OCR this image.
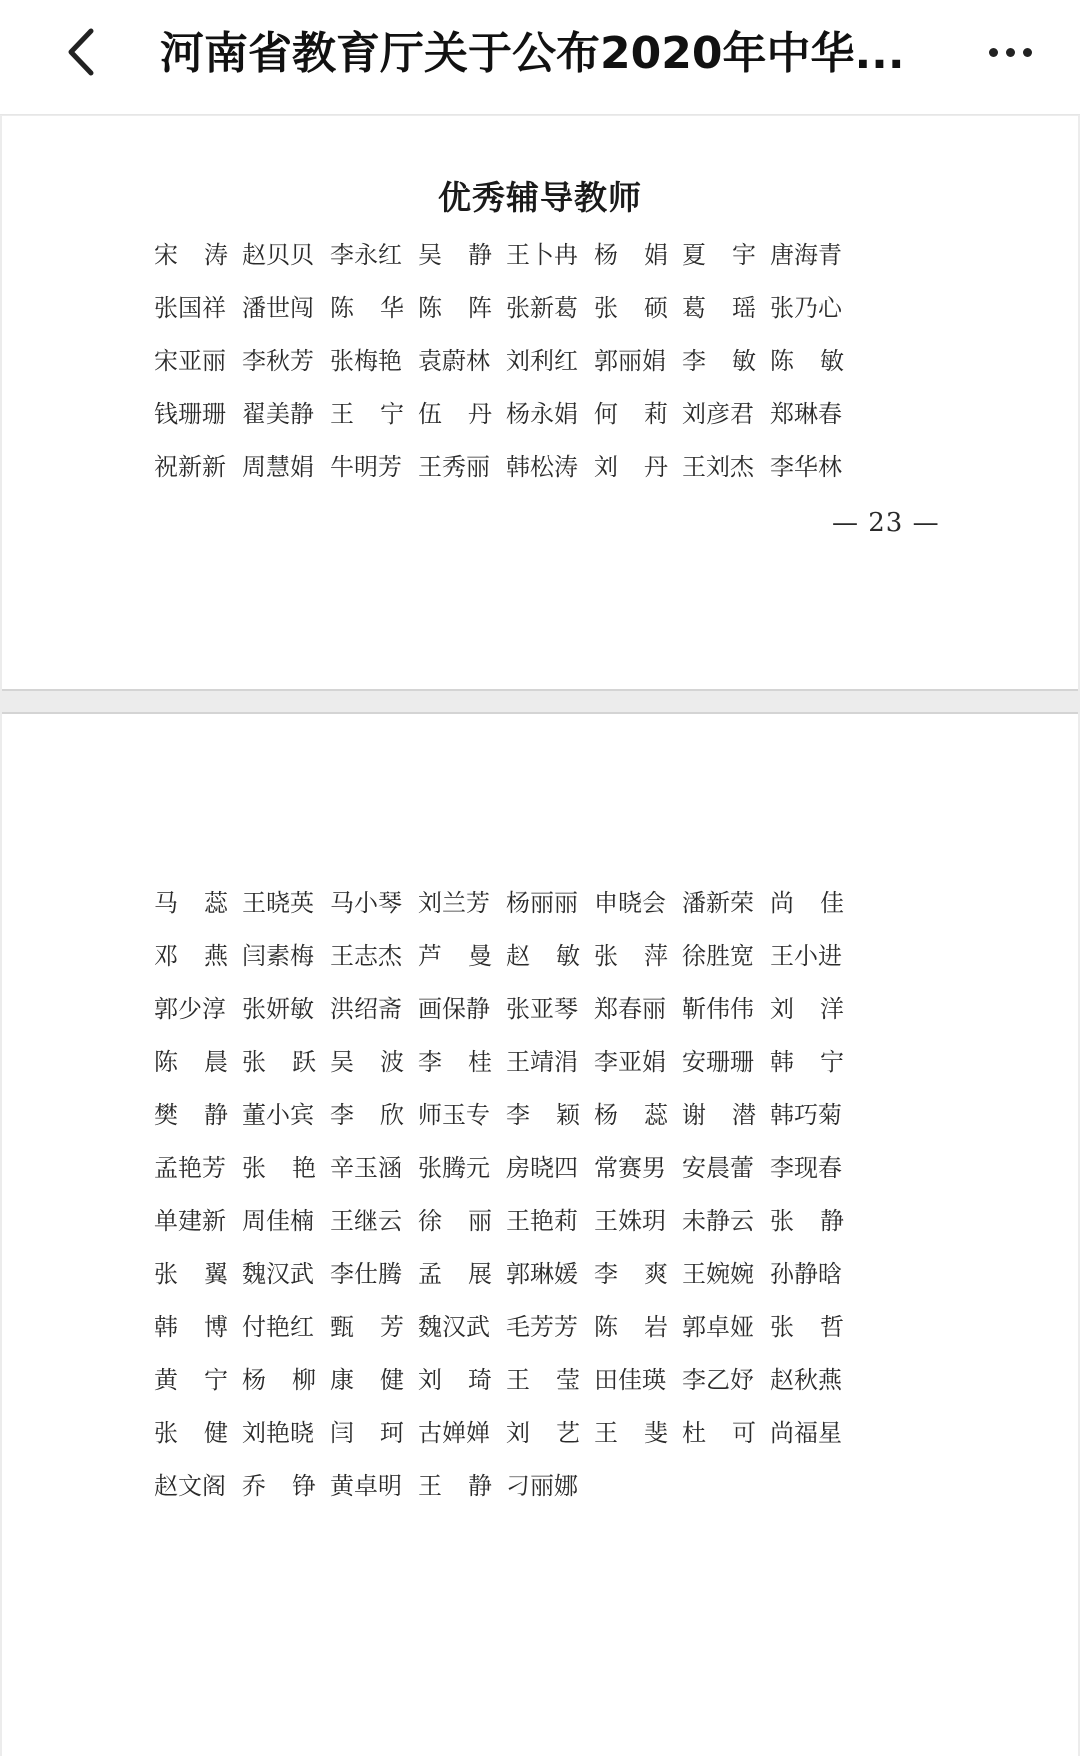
河南省教育厅关于公布2020年中华...
优秀辅导教师
宋 涛 赵贝贝 李永红 吴 静 王卜冉 杨 娟 夏 宇 唐海青
张国祥 潘世闯 陈 华 陈 阵 张新葛 张 硕 葛 瑶 张乃心
宋亚丽 李秋芳 张梅艳 袁蔚林 刘利红 郭丽娟 李 敏 陈 敏
钱珊珊 翟美静 王 宁 伍 丹 杨永娟 何 莉 刘彦君 郑琳春
祝新新 周慧娟 牛明芳 王秀丽 韩松涛 刘 丹 王刘杰 李华林
— 23 —
马 蕊 王晓英 马小琴 刘兰芳 杨丽丽 申晓会 潘新荣 尚 佳
邓 燕 闫素梅 王志杰 芦 曼 赵 敏 张 萍 徐胜宽 王小进
郭少淳 张妍敏 洪绍斋 画保静 张亚琴 郑春丽 靳伟伟 刘 洋
陈 晨 张 跃 吴 波 李 桂 王靖涓 李亚娟 安珊珊 韩 宁
樊 静 董小宾 李 欣 师玉专 李 颖 杨 蕊 谢 潜 韩巧菊
孟艳芳 张 艳 辛玉涵 张腾元 房晓四 常赛男 安晨蕾 李现春
单建新 周佳楠 王继云 徐 丽 王艳莉 王姝玥 未静云 张 静
张 翼 魏汉武 李仕腾 孟 展 郭琳媛 李 爽 王婉婉 孙静晗
韩 博 付艳红 甄 芳 魏汉武 毛芳芳 陈 岩 郭卓娅 张 哲
黄 宁 杨 柳 康 健 刘 琦 王 莹 田佳瑛 李乙妤 赵秋燕
张 健 刘艳晓 闫 珂 古婵婵 刘 艺 王 斐 杜 可 尚福星
赵文阁 乔 铮 黄卓明 王 静 刁丽娜
